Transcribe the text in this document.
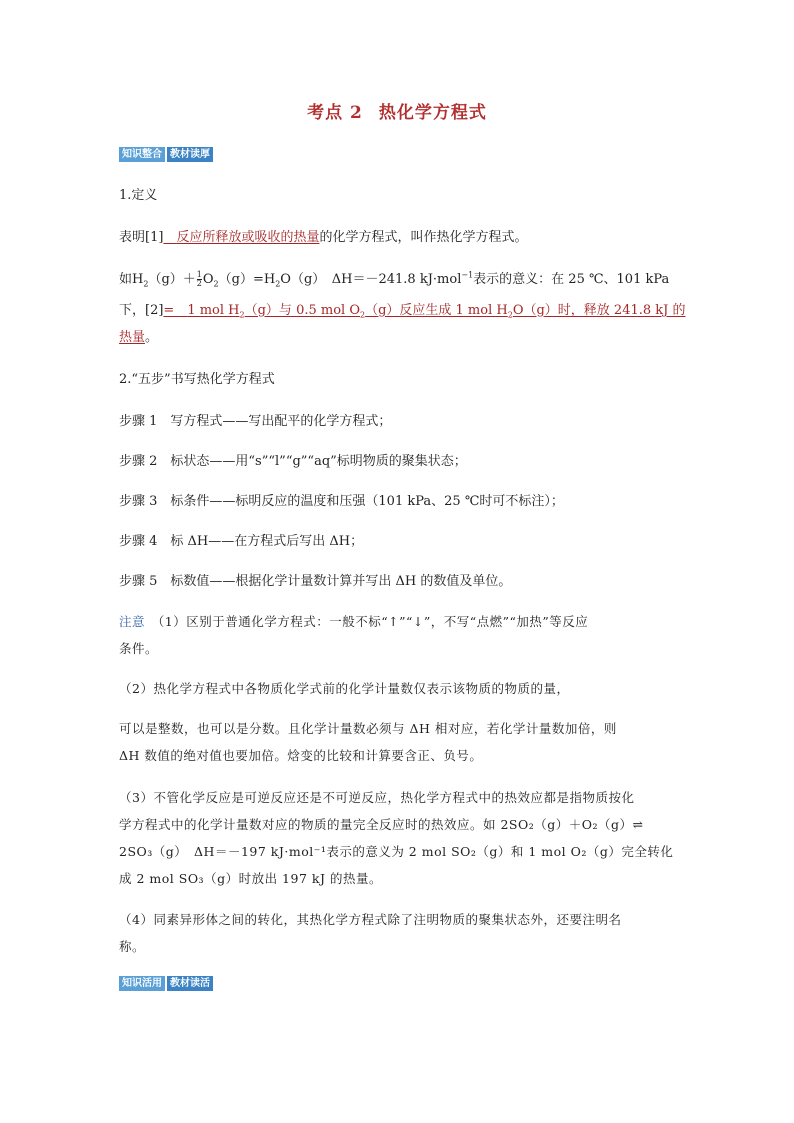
考点 2 热化学方程式
知识整合 教材读厚
1.定义
表明[1]　 反应所释放或吸收的热量的化学方程式，叫作热化学方程式。
如$H_2(g)+ \frac{1}{2} O_2(g)=H_2O(g)$　ΔH＝－241.8 kJ·mol$^{-1}$表示的意义：在 25 ℃、101 kPa
下，[2]=　1 mol $H_2(g)$与 0.5 mol $O_2(g)$反应生成 1 mol $H_2O(g)$时，释放 241.8 kJ 的
热量。
2.“五步”书写热化学方程式
步骤 1　写方程式——写出配平的化学方程式；
步骤 2　标状态——用“s”“l”“g”“aq”标明物质的聚集状态；
步骤 3　标条件——标明反应的温度和压强（101 kPa、25 ℃时可不标注）；
步骤 4　标 ΔH——在方程式后写出 ΔH；
步骤 5　标数值——根据化学计量数计算并写出 ΔH 的数值及单位。
注意　 （1）区别于普通化学方程式：一般不标“↑”“↓”，不写“点燃”“加热”等反应
条件。
（2）热化学方程式中各物质化学式前的化学计量数仅表示该物质的物质的量，
可以是整数，也可以是分数。且化学计量数必须与 ΔH 相对应，若化学计量数加倍，则
ΔH 数值的绝对值也要加倍。焓变的比较和计算要含正、负号。
（3）不管化学反应是可逆反应还是不可逆反应，热化学方程式中的热效应都是指物质按化
学方程式中的化学计量数对应的物质的量完全反应时的热效应。如 2SO₂（g）＋O₂（g）⇌
2SO₃（g）　ΔH＝－197 kJ·mol⁻¹表示的意义为 2 mol SO₂（g）和 1 mol O₂（g）完全转化
成 2 mol SO₃（g）时放出 197 kJ 的热量。
（4）同素异形体之间的转化，其热化学方程式除了注明物质的聚集状态外，还要注明名
称。
知识活用 教材读活
